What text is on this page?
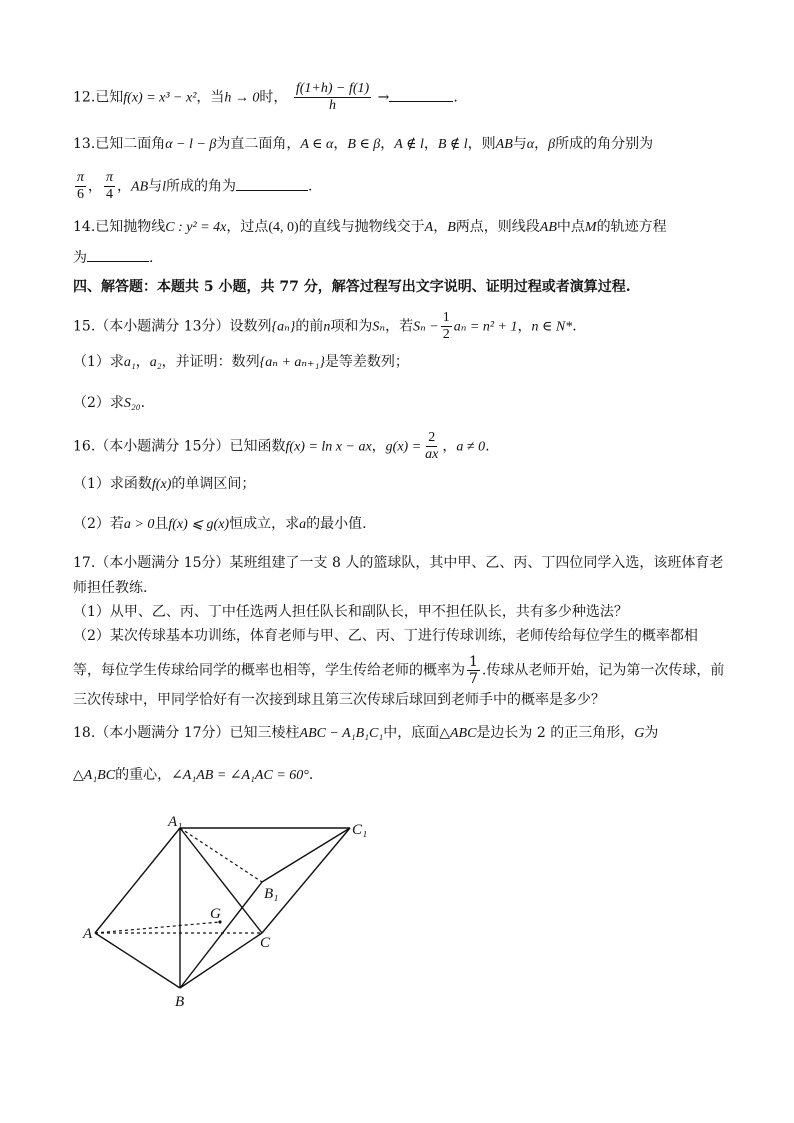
12.已知f(x) = x³ − x²，当h → 0时， $\frac{f(1+h) - f(1)}{h}$ →	.
13.已知二面角α − l − β为直二面角，A ∈ α，B ∈ β，A ∉ l，B ∉ l，则AB与α，β所成的角分别为
$\frac{\pi}{6}$ ， $\frac{\pi}{4}$ ，AB与l所成的角为	.
14.已知抛物线C : y² = 4x，过点(4, 0)的直线与抛物线交于A，B两点，则线段AB中点M的轨迹方程
为	.
四、解答题：本题共 5 小题，共 77 分，解答过程写出文字说明、证明过程或者演算过程.
15.（本小题满分 13分）设数列{aₙ}的前n项和为Sₙ，若$S_n - \frac{1}{2}$ aₙ = n² + 1，n ∈ N*.
（1）求a₁，a₂，并证明：数列{aₙ + aₙ₊₁}是等差数列；
（2）求S₂₀.
16.（本小题满分 15分）已知函数f(x) = ln x − ax，$g(x) = \frac{2}{ax}$ ，a ≠ 0.
（1）求函数f(x)的单调区间；
（2）若a > 0且f(x) ⩽ g(x)恒成立，求a的最小值.
17.（本小题满分 15分）某班组建了一支 8 人的篮球队，其中甲、乙、丙、丁四位同学入选，该班体育老
师担任教练.
（1）从甲、乙、丙、丁中任选两人担任队长和副队长，甲不担任队长，共有多少种选法？
（2）某次传球基本功训练，体育老师与甲、乙、丙、丁进行传球训练，老师传给每位学生的概率都相
等，每位学生传球给同学的概率也相等，学生传给老师的概率为 $\frac{1}{7}$ .传球从老师开始，记为第一次传球，前
三次传球中，甲同学恰好有一次接到球且第三次传球后球回到老师手中的概率是多少？
18.（本小题满分 17分）已知三棱柱ABC − A₁B₁C₁中，底面△ABC是边长为 2 的正三角形，G为
△A₁BC的重心，∠A₁AB = ∠A₁AC = 60°.
A₁	C₁
B₁
G
A
C
B
